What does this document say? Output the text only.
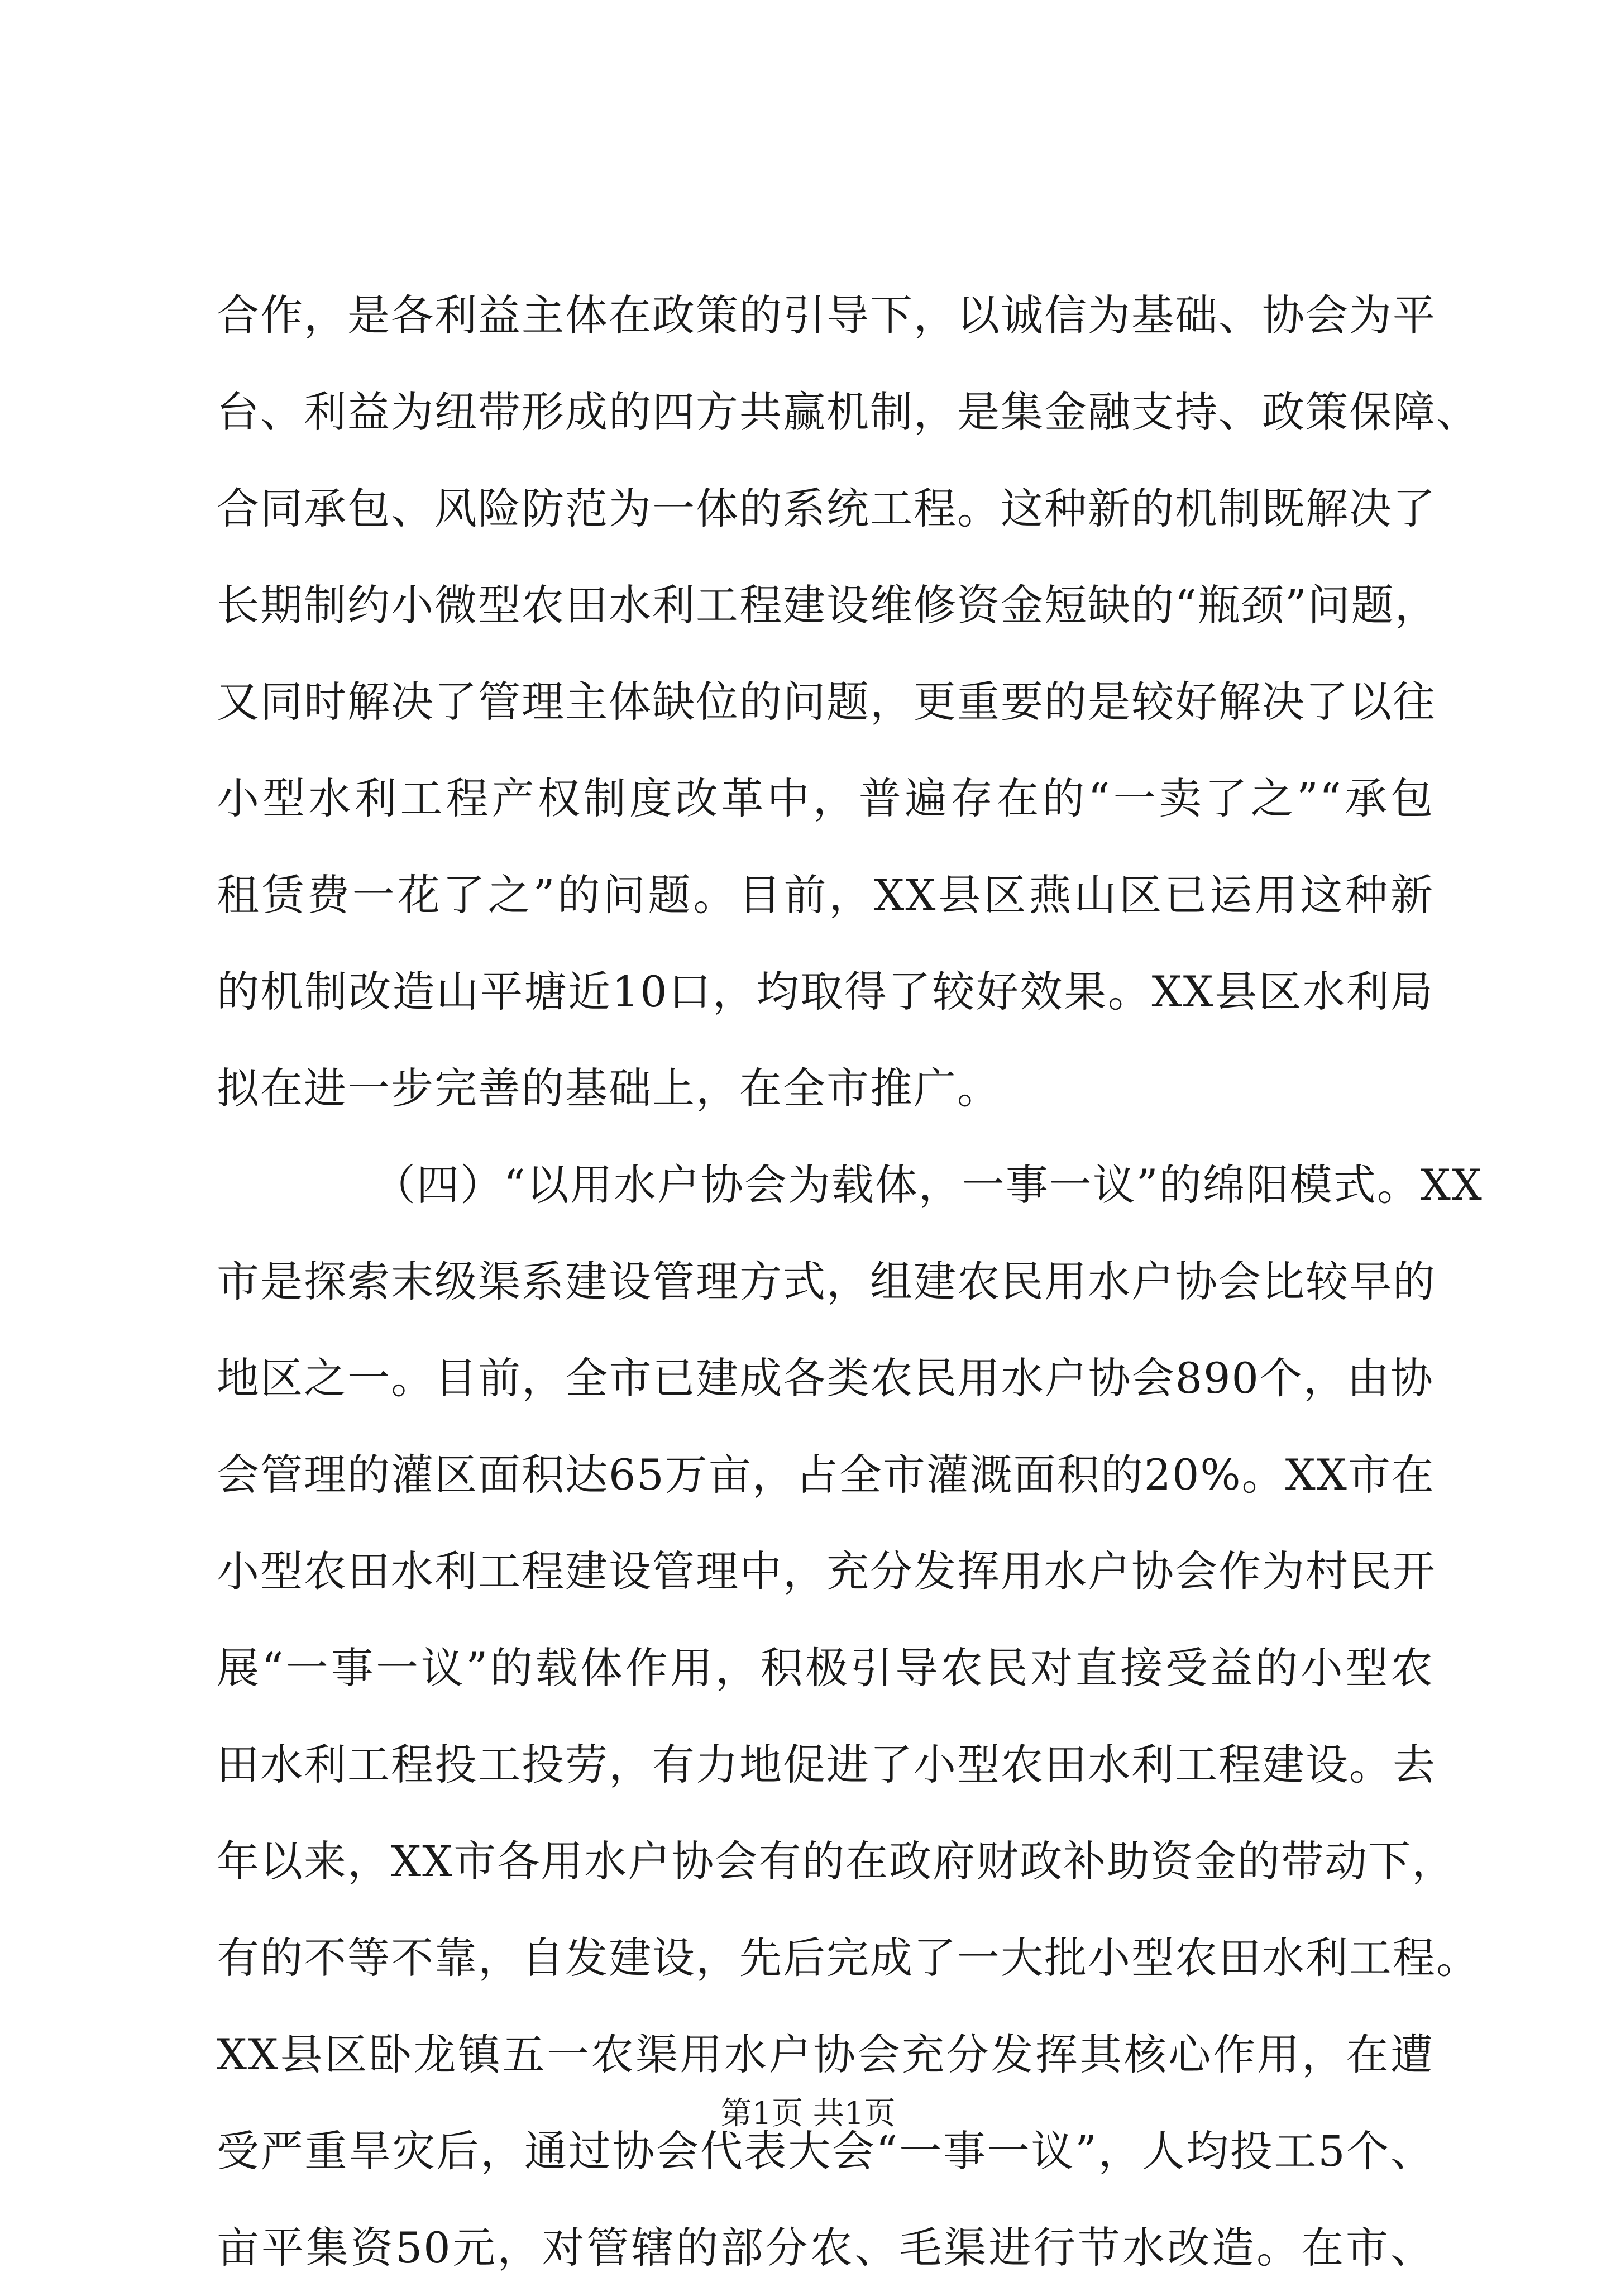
合作，是各利益主体在政策的引导下，以诚信为基础、协会为平
台、利益为纽带形成的四方共赢机制，是集金融支持、政策保障、
合同承包、风险防范为一体的系统工程。这种新的机制既解决了
长期制约小微型农田水利工程建设维修资金短缺的“瓶颈”问题，
又同时解决了管理主体缺位的问题，更重要的是较好解决了以往
小型水利工程产权制度改革中，普遍存在的“一卖了之”“承包
租赁费一花了之”的问题。目前，XX县区燕山区已运用这种新
的机制改造山平塘近10口，均取得了较好效果。XX县区水利局
拟在进一步完善的基础上，在全市推广。
（四）“以用水户协会为载体，一事一议”的绵阳模式。XX
市是探索末级渠系建设管理方式，组建农民用水户协会比较早的
地区之一。目前，全市已建成各类农民用水户协会890个，由协
会管理的灌区面积达65万亩，占全市灌溉面积的20%。XX市在
小型农田水利工程建设管理中，充分发挥用水户协会作为村民开
展“一事一议”的载体作用，积极引导农民对直接受益的小型农
田水利工程投工投劳，有力地促进了小型农田水利工程建设。去
年以来，XX市各用水户协会有的在政府财政补助资金的带动下，
有的不等不靠，自发建设，先后完成了一大批小型农田水利工程。
XX县区卧龙镇五一农渠用水户协会充分发挥其核心作用，在遭
受严重旱灾后，通过协会代表大会“一事一议”，人均投工5个、
亩平集资50元，对管辖的部分农、毛渠进行节水改造。在市、
第1页 共1页
